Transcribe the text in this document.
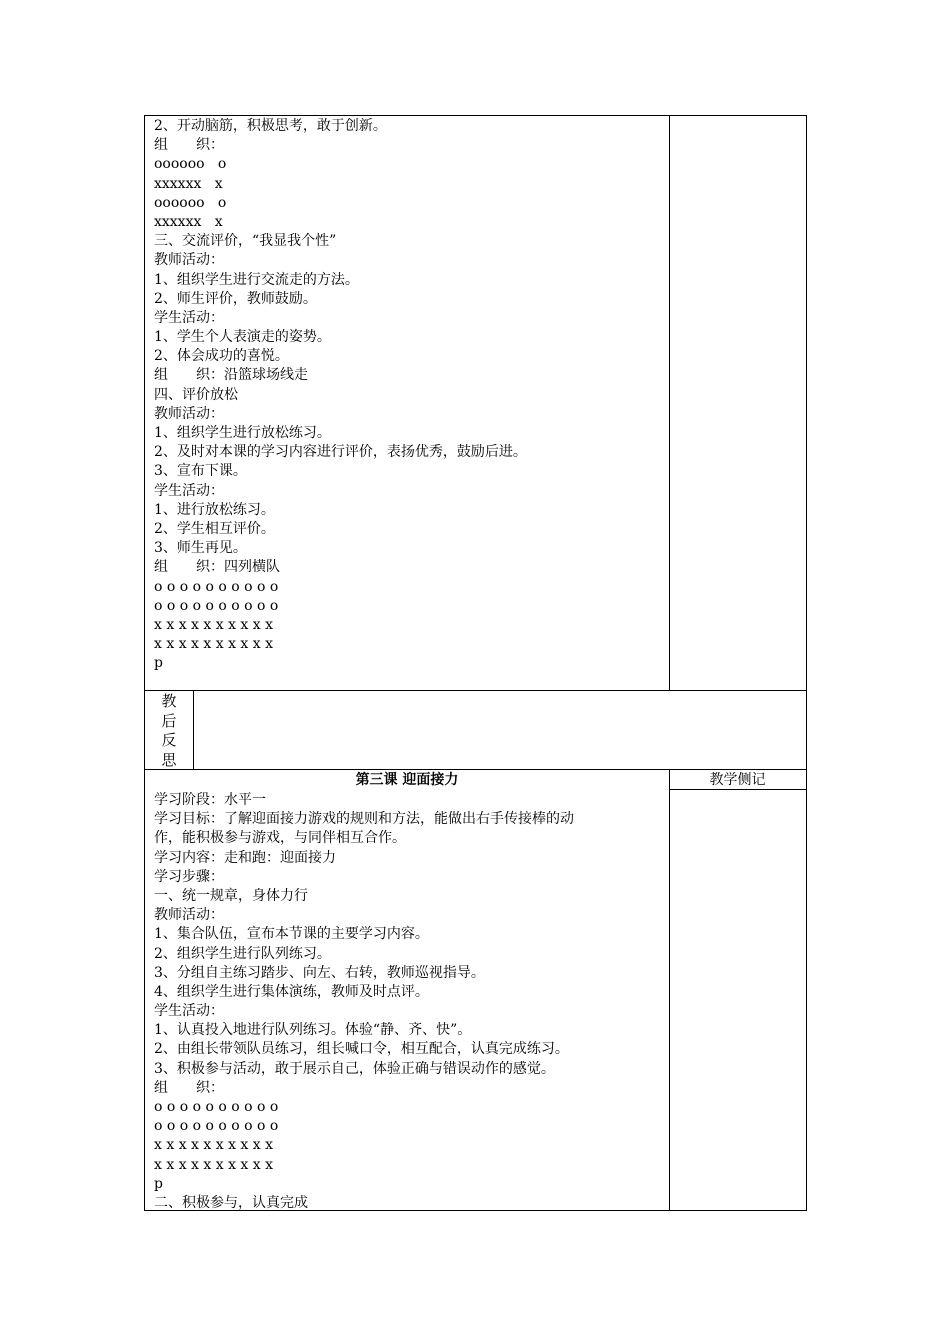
2、开动脑筋，积极思考，敢于创新。
组　　织：
oooooo   o
xxxxxx   x
oooooo   o
xxxxxx   x
三、交流评价，“我显我个性”
教师活动：
1、组织学生进行交流走的方法。
2、师生评价，教师鼓励。
学生活动：
1、学生个人表演走的姿势。
2、体会成功的喜悦。
组　　织：沿篮球场线走
四、评价放松
教师活动：
1、组织学生进行放松练习。
2、及时对本课的学习内容进行评价，表扬优秀，鼓励后进。
3、宣布下课。
学生活动：
1、进行放松练习。
2、学生相互评价。
3、师生再见。
组　　织：四列横队
o o o o o o o o o o
o o o o o o o o o o
x x x x x x x x x x
x x x x x x x x x x
p
教
后
反
思
第三课 迎面接力	教学侧记
学习阶段：水平一
学习目标：了解迎面接力游戏的规则和方法，能做出右手传接棒的动
作，能积极参与游戏，与同伴相互合作。
学习内容：走和跑：迎面接力
学习步骤：
一、统一规章，身体力行
教师活动：
1、集合队伍，宣布本节课的主要学习内容。
2、组织学生进行队列练习。
3、分组自主练习踏步、向左、右转，教师巡视指导。
4、组织学生进行集体演练，教师及时点评。
学生活动：
1、认真投入地进行队列练习。体验“静、齐、快”。
2、由组长带领队员练习，组长喊口令，相互配合，认真完成练习。
3、积极参与活动，敢于展示自己，体验正确与错误动作的感觉。
组　　织：
o o o o o o o o o o
o o o o o o o o o o
x x x x x x x x x x
x x x x x x x x x x
p
二、积极参与，认真完成
